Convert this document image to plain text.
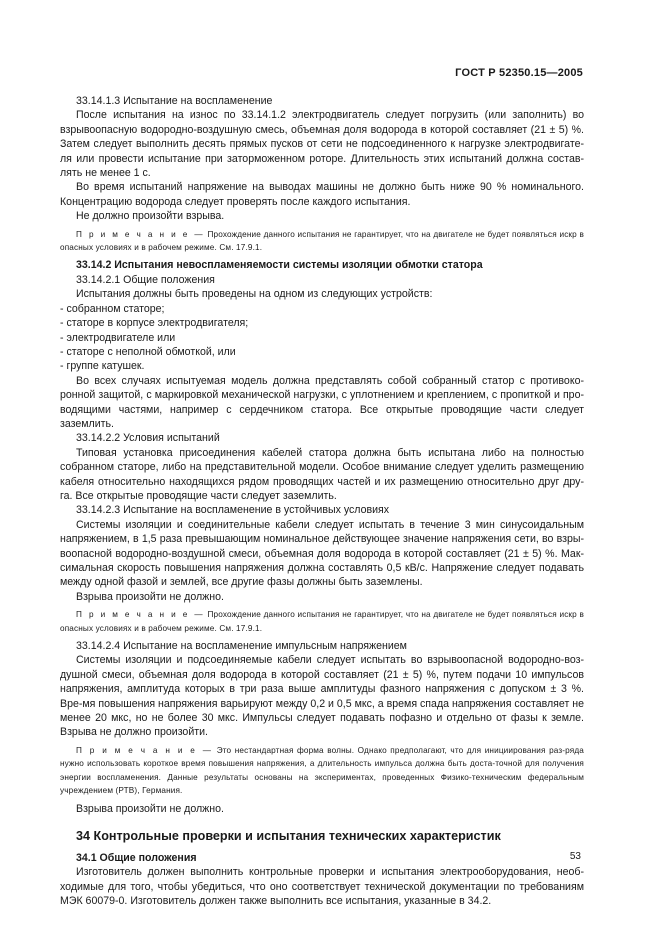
ГОСТ Р 52350.15—2005

33.14.1.3 Испытание на воспламенение

После испытания на износ по 33.14.1.2 электродвигатель следует погрузить (или заполнить) во взрывоопасную водородно-воздушную смесь, объемная доля водорода в которой составляет (21 ± 5) %. Затем следует выполнить десять прямых пусков от сети не подсоединенного к нагрузке электродвигате-ля или провести испытание при заторможенном роторе. Длительность этих испытаний должна состав-лять не менее 1 с.

Во время испытаний напряжение на выводах машины не должно быть ниже 90 % номинального. Концентрацию водорода следует проверять после каждого испытания.

Не должно произойти взрыва.

П р и м е ч а н и е — Прохождение данного испытания не гарантирует, что на двигателе не будет появляться искр в опасных условиях и в рабочем режиме. См. 17.9.1.

33.14.2 Испытания невоспламеняемости системы изоляции обмотки статора

33.14.2.1 Общие положения

Испытания должны быть проведены на одном из следующих устройств:

- собранном статоре;

- статоре в корпусе электродвигателя;

- электродвигателе или

- статоре с неполной обмоткой, или

- группе катушек.

Во всех случаях испытуемая модель должна представлять собой собранный статор с противоко-ронной защитой, с маркировкой механической нагрузки, с уплотнением и креплением, с пропиткой и про-водящими частями, например с сердечником статора. Все открытые проводящие части следует заземлить.

33.14.2.2 Условия испытаний

Типовая установка присоединения кабелей статора должна быть испытана либо на полностью собранном статоре, либо на представительной модели. Особое внимание следует уделить размещению кабеля относительно находящихся рядом проводящих частей и их размещению относительно друг дру-га. Все открытые проводящие части следует заземлить.

33.14.2.3 Испытание на воспламенение в устойчивых условиях

Системы изоляции и соединительные кабели следует испытать в течение 3 мин синусоидальным напряжением, в 1,5 раза превышающим номинальное действующее значение напряжения сети, во взры-воопасной водородно-воздушной смеси, объемная доля водорода в которой составляет (21 ± 5) %. Мак-симальная скорость повышения напряжения должна составлять 0,5 кВ/с. Напряжение следует подавать между одной фазой и землей, все другие фазы должны быть заземлены.

Взрыва произойти не должно.

П р и м е ч а н и е — Прохождение данного испытания не гарантирует, что на двигателе не будет появляться искр в опасных условиях и в рабочем режиме. См. 17.9.1.

33.14.2.4 Испытание на воспламенение импульсным напряжением

Системы изоляции и подсоединяемые кабели следует испытать во взрывоопасной водородно-воз-душной смеси, объемная доля водорода в которой составляет (21 ± 5) %, путем подачи 10 импульсов напряжения, амплитуда которых в три раза выше амплитуды фазного напряжения с допуском ± 3 %. Вре-мя повышения напряжения варьируют между 0,2 и 0,5 мкс, а время спада напряжения составляет не менее 20 мкс, но не более 30 мкс. Импульсы следует подавать пофазно и отдельно от фазы к земле. Взрыва не должно произойти.

П р и м е ч а н и е — Это нестандартная форма волны. Однако предполагают, что для инициирования раз-ряда нужно использовать короткое время повышения напряжения, а длительность импульса должна быть доста-точной для получения энергии воспламенения. Данные результаты основаны на экспериментах, проведенных Физико-техническим федеральным учреждением (РТВ), Германия.

Взрыва произойти не должно.

34 Контрольные проверки и испытания технических характеристик

34.1 Общие положения

Изготовитель должен выполнить контрольные проверки и испытания электрооборудования, необ-ходимые для того, чтобы убедиться, что оно соответствует технической документации по требованиям МЭК 60079-0. Изготовитель должен также выполнить все испытания, указанные в 34.2.

53
